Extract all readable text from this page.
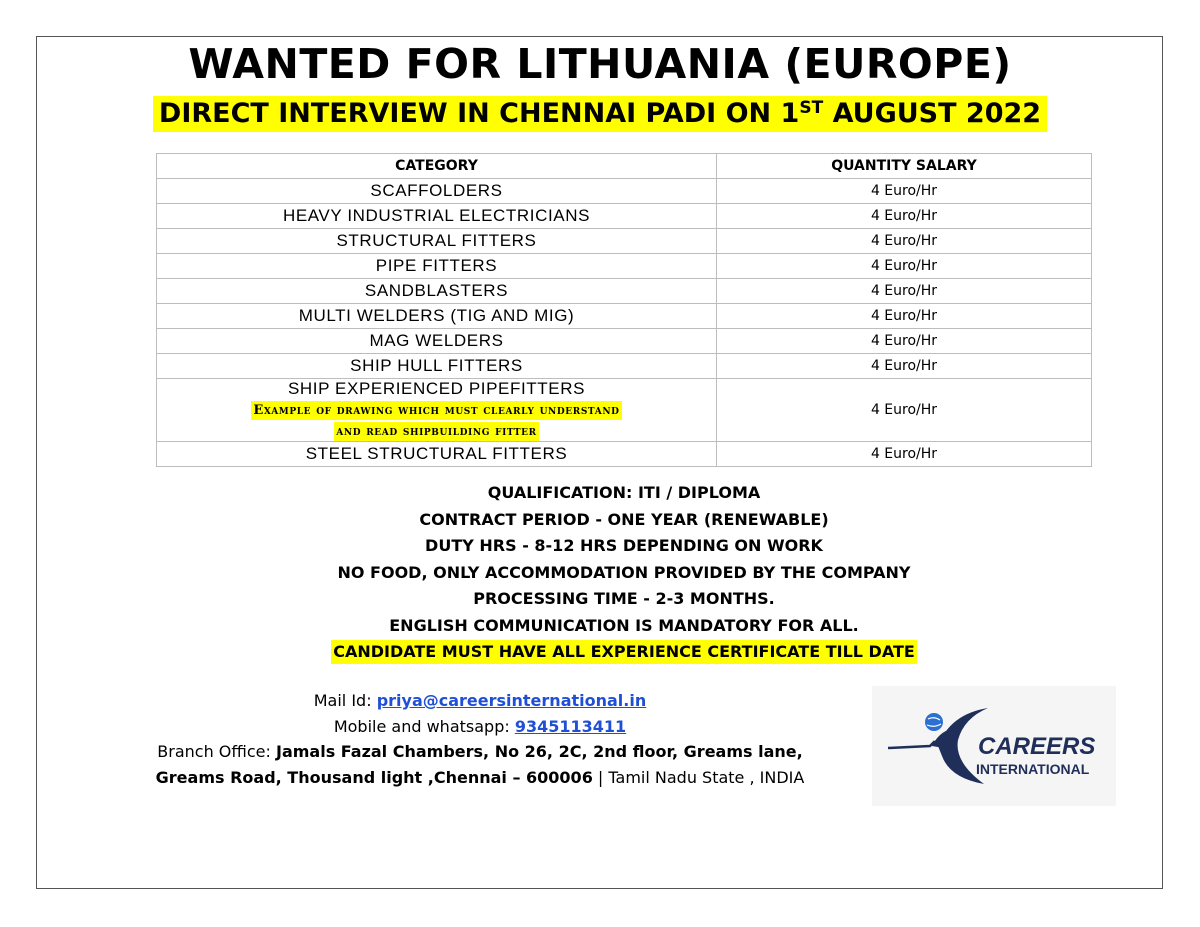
WANTED FOR LITHUANIA (EUROPE)
DIRECT INTERVIEW IN CHENNAI PADI ON 1ST AUGUST 2022
CATEGORY	QUANTITY SALARY
SCAFFOLDERS	4 Euro/Hr
HEAVY INDUSTRIAL ELECTRICIANS	4 Euro/Hr
STRUCTURAL FITTERS	4 Euro/Hr
PIPE FITTERS	4 Euro/Hr
SANDBLASTERS	4 Euro/Hr
MULTI WELDERS (TIG AND MIG)	4 Euro/Hr
MAG WELDERS	4 Euro/Hr
SHIP HULL FITTERS	4 Euro/Hr

SHIP EXPERIENCED PIPEFITTERS
Example of drawing which must clearly understand
and read shipbuilding fitter	4 Euro/Hr
STEEL STRUCTURAL FITTERS	4 Euro/Hr
QUALIFICATION: ITI / DIPLOMA
CONTRACT PERIOD - ONE YEAR (RENEWABLE)
DUTY HRS - 8-12 HRS DEPENDING ON WORK
NO FOOD, ONLY ACCOMMODATION PROVIDED BY THE COMPANY
PROCESSING TIME - 2-3 MONTHS.
ENGLISH COMMUNICATION IS MANDATORY FOR ALL.
CANDIDATE MUST HAVE ALL EXPERIENCE CERTIFICATE TILL DATE
Mail Id: priya@careersinternational.in
Mobile and whatsapp: 9345113411
Branch Office: Jamals Fazal Chambers, No 26, 2C, 2nd floor, Greams lane,
Greams Road, Thousand light ,Chennai – 600006 | Tamil Nadu State , INDIA
CAREERS
INTERNATIONAL
